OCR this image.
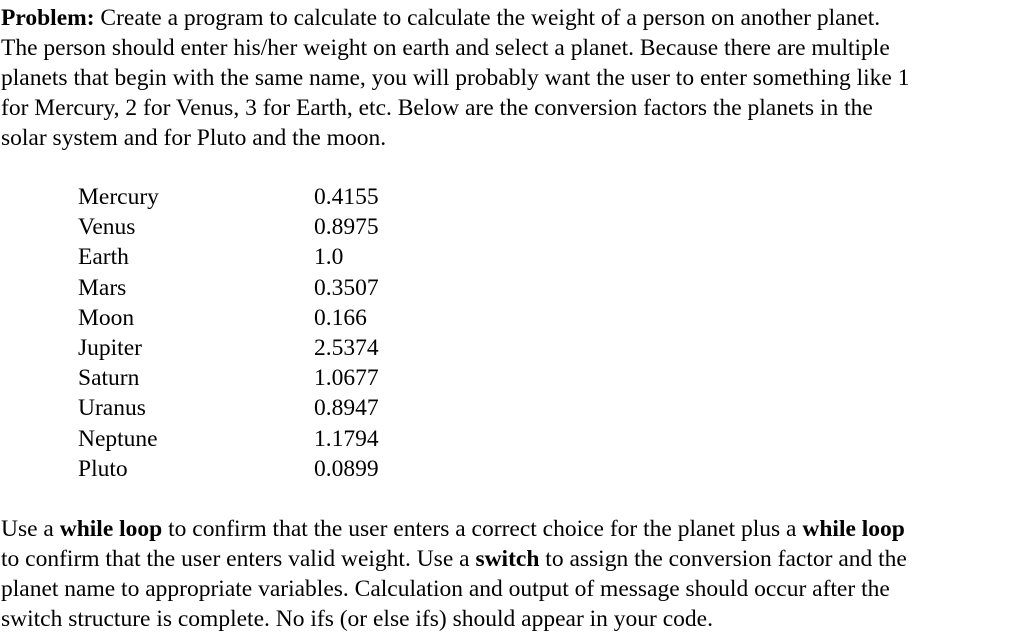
Problem: Create a program to calculate to calculate the weight of a person on another planet.
The person should enter his/her weight on earth and select a planet. Because there are multiple
planets that begin with the same name, you will probably want the user to enter something like 1
for Mercury, 2 for Venus, 3 for Earth, etc. Below are the conversion factors the planets in the
solar system and for Pluto and the moon.
Mercury	0.4155
Venus	0.8975
Earth	1.0
Mars	0.3507
Moon	0.166
Jupiter	2.5374
Saturn	1.0677
Uranus	0.8947
Neptune	1.1794
Pluto	0.0899
Use a while loop to confirm that the user enters a correct choice for the planet plus a while loop
to confirm that the user enters valid weight. Use a switch to assign the conversion factor and the
planet name to appropriate variables. Calculation and output of message should occur after the
switch structure is complete. No ifs (or else ifs) should appear in your code.
